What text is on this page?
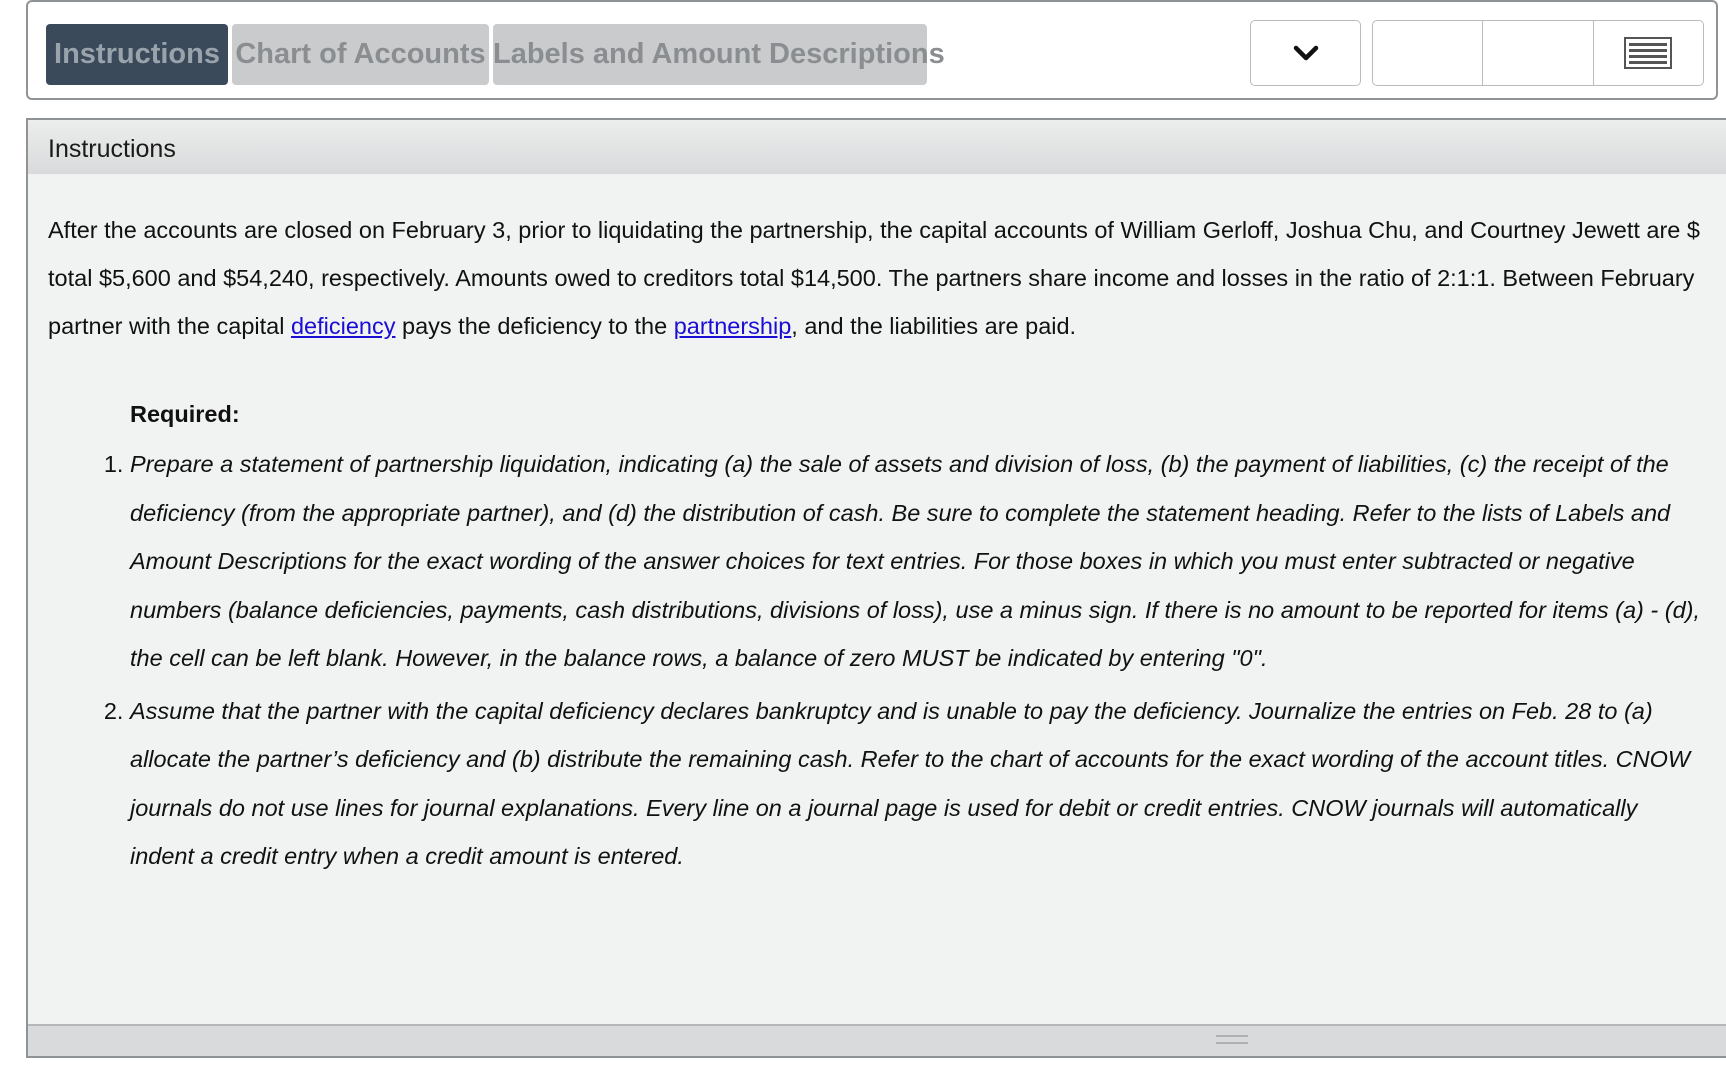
Instructions Chart of Accounts Labels and Amount Descriptions
Instructions
After the accounts are closed on February 3, prior to liquidating the partnership, the capital accounts of William Gerloff, Joshua Chu, and Courtney Jewett are $
total $5,600 and $54,240, respectively. Amounts owed to creditors total $14,500. The partners share income and losses in the ratio of 2:1:1. Between February
partner with the capital deficiency pays the deficiency to the partnership, and the liabilities are paid.
Required:
1. Prepare a statement of partnership liquidation, indicating (a) the sale of assets and division of loss, (b) the payment of liabilities, (c) the receipt of the deficiency (from the appropriate partner), and (d) the distribution of cash. Be sure to complete the statement heading. Refer to the lists of Labels and Amount Descriptions for the exact wording of the answer choices for text entries. For those boxes in which you must enter subtracted or negative numbers (balance deficiencies, payments, cash distributions, divisions of loss), use a minus sign. If there is no amount to be reported for items (a) - (d), the cell can be left blank. However, in the balance rows, a balance of zero MUST be indicated by entering "0".
2. Assume that the partner with the capital deficiency declares bankruptcy and is unable to pay the deficiency. Journalize the entries on Feb. 28 to (a) allocate the partner’s deficiency and (b) distribute the remaining cash. Refer to the chart of accounts for the exact wording of the account titles. CNOW journals do not use lines for journal explanations. Every line on a journal page is used for debit or credit entries. CNOW journals will automatically indent a credit entry when a credit amount is entered.
